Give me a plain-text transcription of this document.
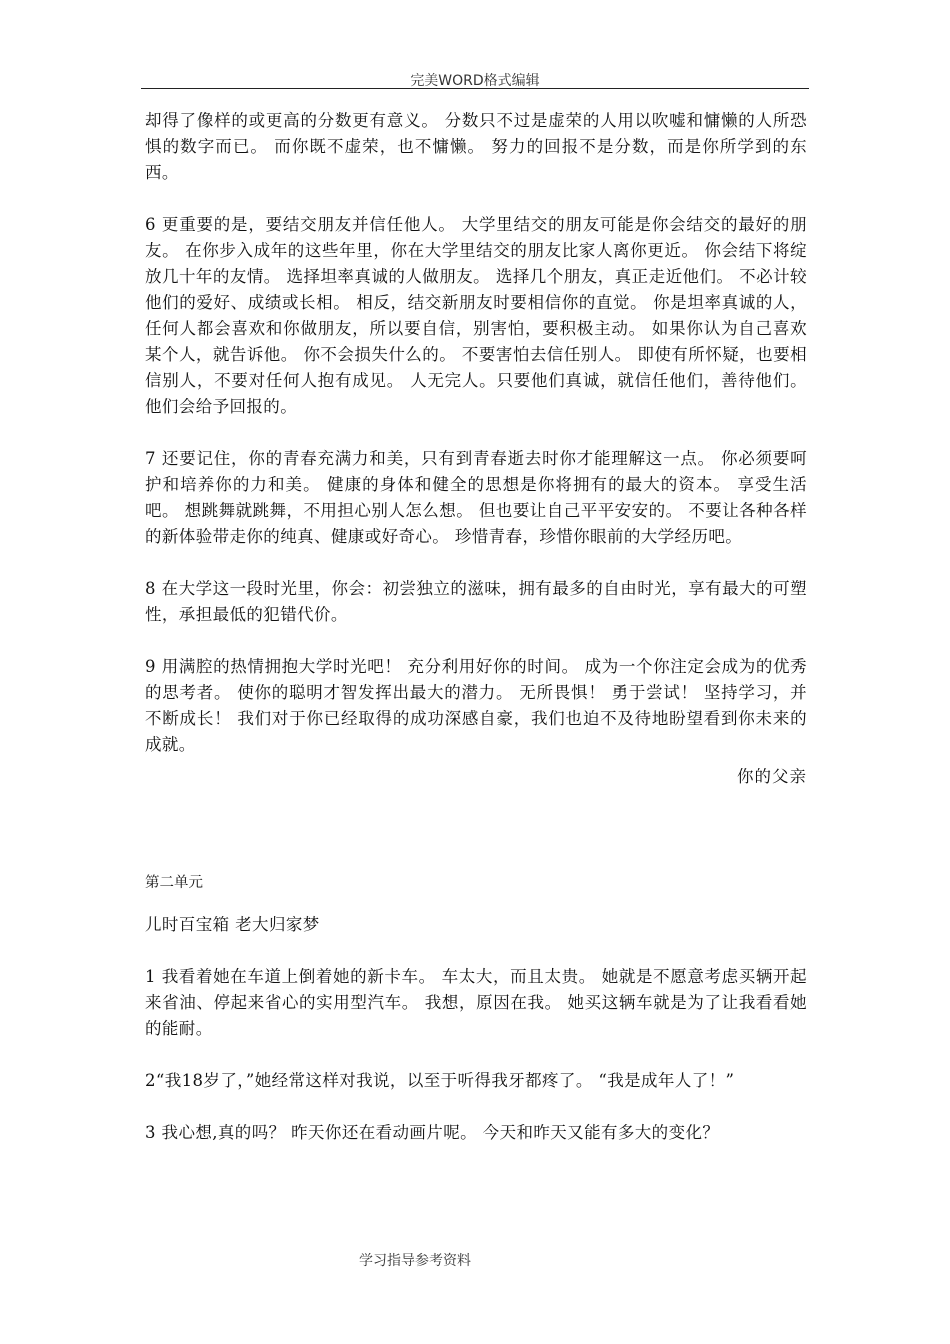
完美WORD格式编辑

却得了像样的或更高的分数更有意义。 分数只不过是虚荣的人用以吹嘘和慵懒的人所恐惧的数字而已。 而你既不虚荣，也不慵懒。 努力的回报不是分数，而是你所学到的东西。

6 更重要的是，要结交朋友并信任他人。 大学里结交的朋友可能是你会结交的最好的朋友。 在你步入成年的这些年里，你在大学里结交的朋友比家人离你更近。 你会结下将绽放几十年的友情。 选择坦率真诚的人做朋友。 选择几个朋友，真正走近他们。 不必计较他们的爱好、成绩或长相。 相反，结交新朋友时要相信你的直觉。 你是坦率真诚的人，任何人都会喜欢和你做朋友，所以要自信，别害怕，要积极主动。 如果你认为自己喜欢某个人，就告诉他。 你不会损失什么的。 不要害怕去信任别人。 即使有所怀疑，也要相信别人，不要对任何人抱有成见。 人无完人。只要他们真诚，就信任他们，善待他们。 他们会给予回报的。

7 还要记住，你的青春充满力和美，只有到青春逝去时你才能理解这一点。 你必须要呵护和培养你的力和美。 健康的身体和健全的思想是你将拥有的最大的资本。 享受生活吧。 想跳舞就跳舞，不用担心别人怎么想。 但也要让自己平平安安的。 不要让各种各样的新体验带走你的纯真、健康或好奇心。 珍惜青春，珍惜你眼前的大学经历吧。

8 在大学这一段时光里，你会：初尝独立的滋味，拥有最多的自由时光，享有最大的可塑性，承担最低的犯错代价。

9 用满腔的热情拥抱大学时光吧！ 充分利用好你的时间。 成为一个你注定会成为的优秀的思考者。 使你的聪明才智发挥出最大的潜力。 无所畏惧！ 勇于尝试！ 坚持学习，并不断成长！ 我们对于你已经取得的成功深感自豪，我们也迫不及待地盼望看到你未来的成就。

你的父亲

第二单元

儿时百宝箱 老大归家梦

1 我看着她在车道上倒着她的新卡车。 车太大，而且太贵。 她就是不愿意考虑买辆开起来省油、停起来省心的实用型汽车。 我想，原因在我。 她买这辆车就是为了让我看看她的能耐。

2“我18岁了，”她经常这样对我说，以至于听得我牙都疼了。 “我是成年人了！”

3 我心想,真的吗？ 昨天你还在看动画片呢。 今天和昨天又能有多大的变化？

学习指导参考资料
